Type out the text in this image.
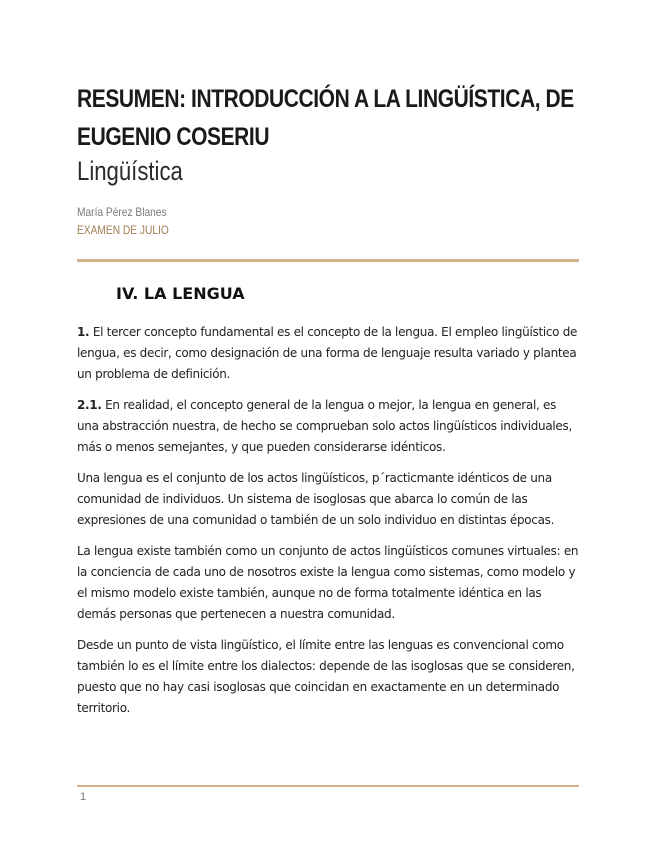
RESUMEN: INTRODUCCIÓN A LA LINGÜÍSTICA, DE EUGENIO COSERIU
Lingüística
María Pérez Blanes
EXAMEN DE JULIO
IV. LA LENGUA

1. El tercer concepto fundamental es el concepto de la lengua. El empleo lingüístico de lengua, es decir, como designación de una forma de lenguaje resulta variado y plantea un problema de definición.

2.1. En realidad, el concepto general de la lengua o mejor, la lengua en general, es una abstracción nuestra, de hecho se comprueban solo actos lingüísticos individuales, más o menos semejantes, y que pueden considerarse idénticos.

Una lengua es el conjunto de los actos lingüísticos, p´racticmante idénticos de una comunidad de individuos. Un sistema de isoglosas que abarca lo común de las expresiones de una comunidad o también de un solo individuo en distintas épocas.

La lengua existe también como un conjunto de actos lingüísticos comunes virtuales: en la conciencia de cada uno de nosotros existe la lengua como sistemas, como modelo y el mismo modelo existe también, aunque no de forma totalmente idéntica en las demás personas que pertenecen a nuestra comunidad.

Desde un punto de vista lingüístico, el límite entre las lenguas es convencional como también lo es el límite entre los dialectos: depende de las isoglosas que se consideren, puesto que no hay casi isoglosas que coincidan en exactamente en un determinado territorio.

1
